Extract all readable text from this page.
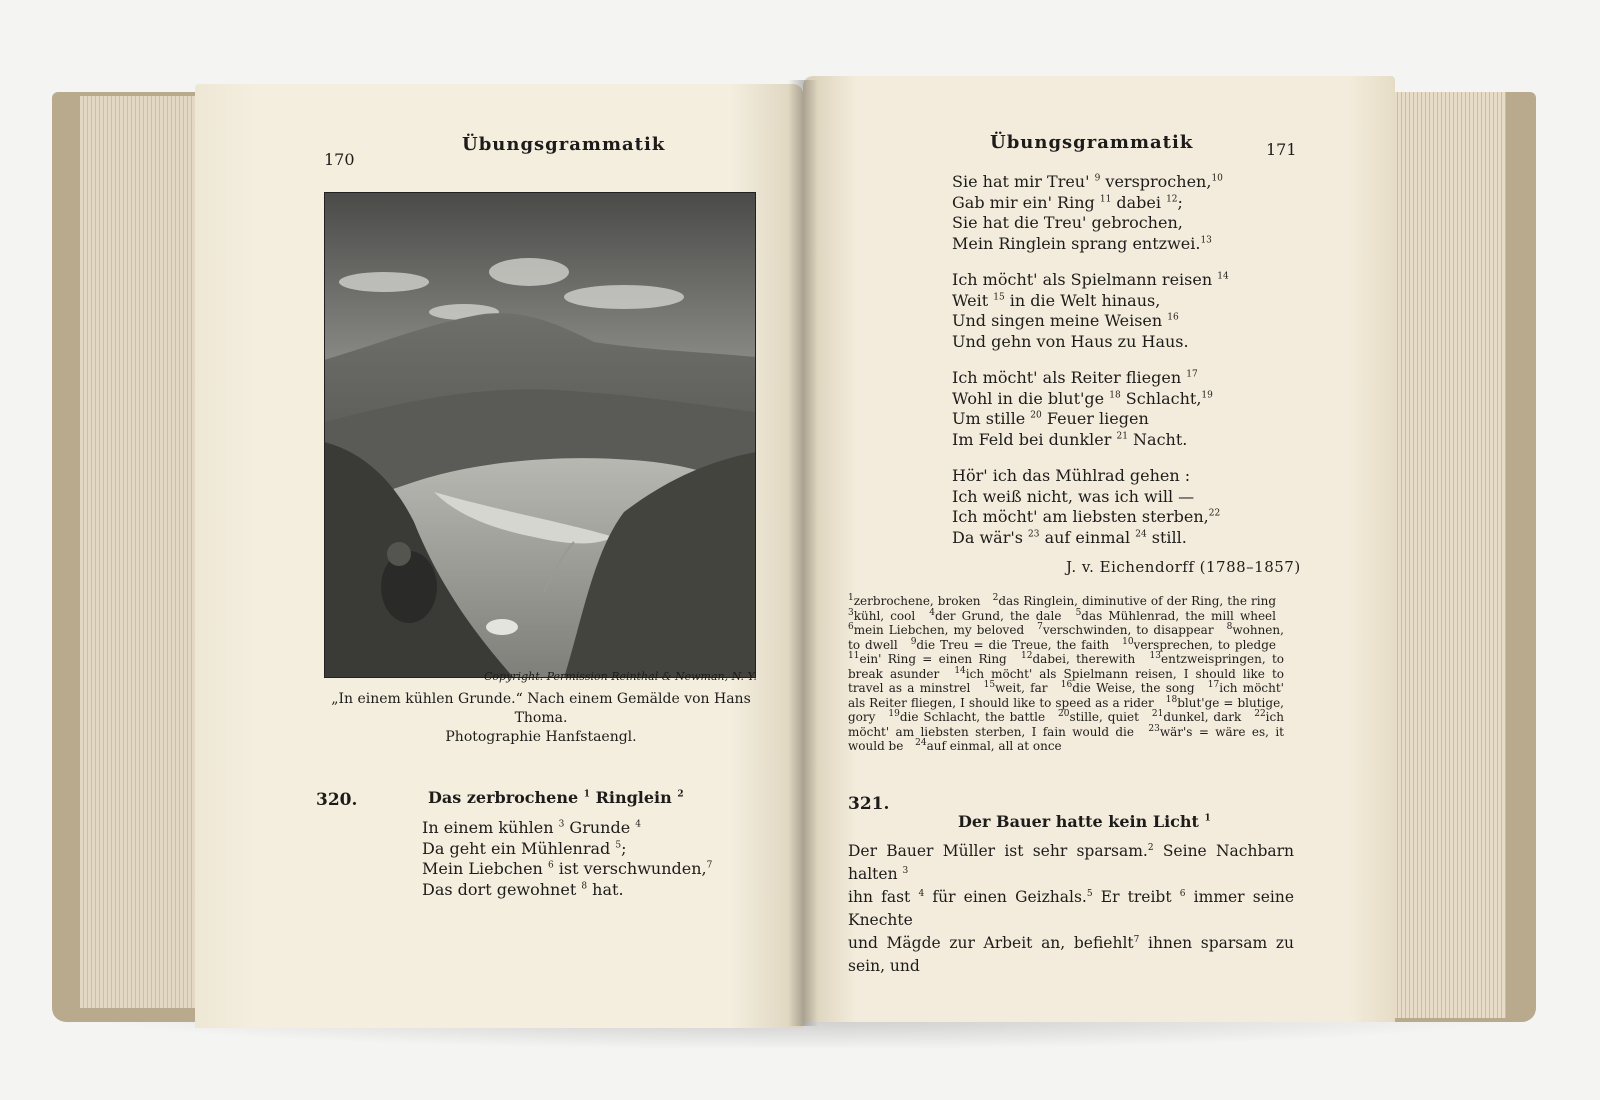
170
Übungsgrammatik
Copyright. Permission Reinthal & Newman, N. Y.
„In einem kühlen Grunde.“ Nach einem Gemälde von Hans Thoma.
Photographie Hanfstaengl.
320.	Das zerbrochene $^1$ Ringlein $^2$
In einem kühlen $^3$ Grunde $^4$
Da geht ein Mühlenrad $^5$;
Mein Liebchen $^6$ ist verschwunden,$^7$
Das dort gewohnet $^8$ hat.
Übungsgrammatik	171
Sie hat mir Treu' $^9$ versprochen,$^{10}$
Gab mir ein' Ring $^{11}$ dabei $^{12}$;
Sie hat die Treu' gebrochen,
Mein Ringlein sprang entzwei.$^{13}$
Ich möcht' als Spielmann reisen $^{14}$
Weit $^{15}$ in die Welt hinaus,
Und singen meine Weisen $^{16}$
Und gehn von Haus zu Haus.
Ich möcht' als Reiter fliegen $^{17}$
Wohl in die blut'ge $^{18}$ Schlacht,$^{19}$
Um stille $^{20}$ Feuer liegen
Im Feld bei dunkler $^{21}$ Nacht.
Hör' ich das Mühlrad gehen :
Ich weiß nicht, was ich will —
Ich möcht' am liebsten sterben,$^{22}$
Da wär's $^{23}$ auf einmal $^{24}$ still.
J. v. Eichendorff (1788–1857)
$^1$zerbrochene, broken $^2$das Ringlein, diminutive of der Ring, the ring $^3$kühl, cool $^4$der Grund, the dale $^5$das Mühlenrad, the mill wheel $^6$mein Liebchen, my beloved $^7$verschwinden, to disappear $^8$wohnen, to dwell $^9$die Treu = die Treue, the faith $^{10}$versprechen, to pledge $^{11}$ein' Ring = einen Ring $^{12}$dabei, therewith $^{13}$entzweispringen, to break asunder $^{14}$ich möcht' als Spielmann reisen, I should like to travel as a minstrel $^{15}$weit, far $^{16}$die Weise, the song $^{17}$ich möcht' als Reiter fliegen, I should like to speed as a rider $^{18}$blut'ge = blutige, gory $^{19}$die Schlacht, the battle $^{20}$stille, quiet $^{21}$dunkel, dark $^{22}$ich möcht' am liebsten sterben, I fain would die $^{23}$wär's = wäre es, it would be $^{24}$auf einmal, all at once
321.
Der Bauer hatte kein Licht $^1$
Der Bauer Müller ist sehr sparsam.$^2$ Seine Nachbarn halten $^3$
ihn fast $^4$ für einen Geizhals.$^5$ Er treibt $^6$ immer seine Knechte
und Mägde zur Arbeit an, befiehlt$^7$ ihnen sparsam zu sein, und
